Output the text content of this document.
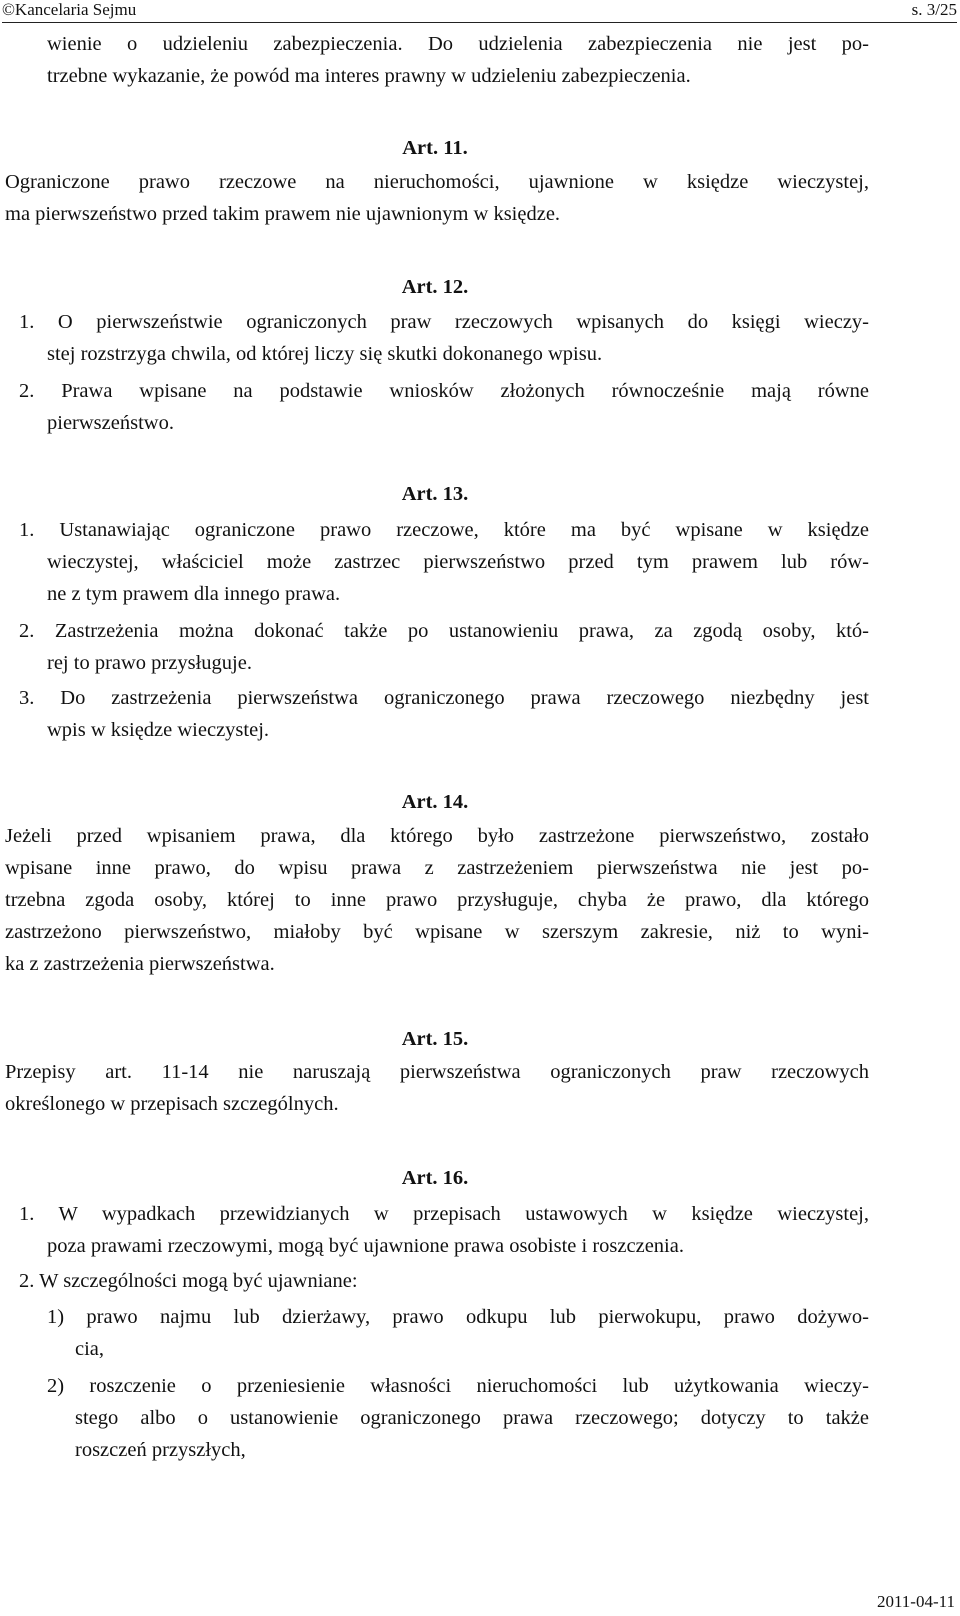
©Kancelaria Sejmu	s. 3/25
wienie o udzieleniu zabezpieczenia. Do udzielenia zabezpieczenia nie jest po-
trzebne wykazanie, że powód ma interes prawny w udzieleniu zabezpieczenia.
Art. 11.
Ograniczone prawo rzeczowe na nieruchomości, ujawnione w księdze wieczystej,
ma pierwszeństwo przed takim prawem nie ujawnionym w księdze.
Art. 12.
1. O pierwszeństwie ograniczonych praw rzeczowych wpisanych do księgi wieczy-
stej rozstrzyga chwila, od której liczy się skutki dokonanego wpisu.
2. Prawa wpisane na podstawie wniosków złożonych równocześnie mają równe
pierwszeństwo.
Art. 13.
1. Ustanawiając ograniczone prawo rzeczowe, które ma być wpisane w księdze
wieczystej, właściciel może zastrzec pierwszeństwo przed tym prawem lub rów-
ne z tym prawem dla innego prawa.
2. Zastrzeżenia można dokonać także po ustanowieniu prawa, za zgodą osoby, któ-
rej to prawo przysługuje.
3. Do zastrzeżenia pierwszeństwa ograniczonego prawa rzeczowego niezbędny jest
wpis w księdze wieczystej.
Art. 14.
Jeżeli przed wpisaniem prawa, dla którego było zastrzeżone pierwszeństwo, zostało
wpisane inne prawo, do wpisu prawa z zastrzeżeniem pierwszeństwa nie jest po-
trzebna zgoda osoby, której to inne prawo przysługuje, chyba że prawo, dla którego
zastrzeżono pierwszeństwo, miałoby być wpisane w szerszym zakresie, niż to wyni-
ka z zastrzeżenia pierwszeństwa.
Art. 15.
Przepisy art. 11-14 nie naruszają pierwszeństwa ograniczonych praw rzeczowych
określonego w przepisach szczególnych.
Art. 16.
1. W wypadkach przewidzianych w przepisach ustawowych w księdze wieczystej,
poza prawami rzeczowymi, mogą być ujawnione prawa osobiste i roszczenia.
2. W szczególności mogą być ujawniane:
1) prawo najmu lub dzierżawy, prawo odkupu lub pierwokupu, prawo dożywo-
cia,
2) roszczenie o przeniesienie własności nieruchomości lub użytkowania wieczy-
stego albo o ustanowienie ograniczonego prawa rzeczowego; dotyczy to także
roszczeń przyszłych,
2011-04-11
